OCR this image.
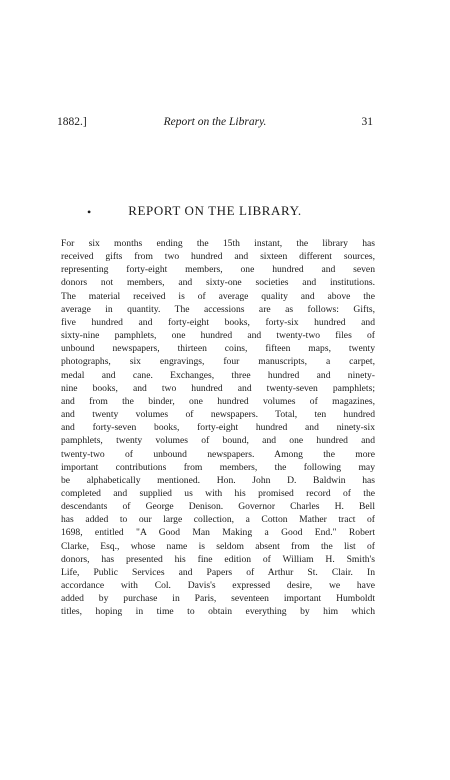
1882.]	Report on the Library.	31
•	REPORT ON THE LIBRARY.
For six months ending the 15th instant, the library has
received gifts from two hundred and sixteen different sources,
representing forty-eight members, one hundred and seven
donors not members, and sixty-one societies and institutions.
The material received is of average quality and above the
average in quantity. The accessions are as follows: Gifts,
five hundred and forty-eight books, forty-six hundred and
sixty-nine pamphlets, one hundred and twenty-two files of
unbound newspapers, thirteen coins, fifteen maps, twenty
photographs, six engravings, four manuscripts, a carpet,
medal and cane. Exchanges, three hundred and ninety-
nine books, and two hundred and twenty-seven pamphlets;
and from the binder, one hundred volumes of magazines,
and twenty volumes of newspapers. Total, ten hundred
and forty-seven books, forty-eight hundred and ninety-six
pamphlets, twenty volumes of bound, and one hundred and
twenty-two of unbound newspapers. Among the more
important contributions from members, the following may
be alphabetically mentioned. Hon. John D. Baldwin has
completed and supplied us with his promised record of the
descendants of George Denison. Governor Charles H. Bell
has added to our large collection, a Cotton Mather tract of
1698, entitled "A Good Man Making a Good End." Robert
Clarke, Esq., whose name is seldom absent from the list of
donors, has presented his fine edition of William H. Smith's
Life, Public Services and Papers of Arthur St. Clair. In
accordance with Col. Davis's expressed desire, we have
added by purchase in Paris, seventeen important Humboldt
titles, hoping in time to obtain everything by him which
